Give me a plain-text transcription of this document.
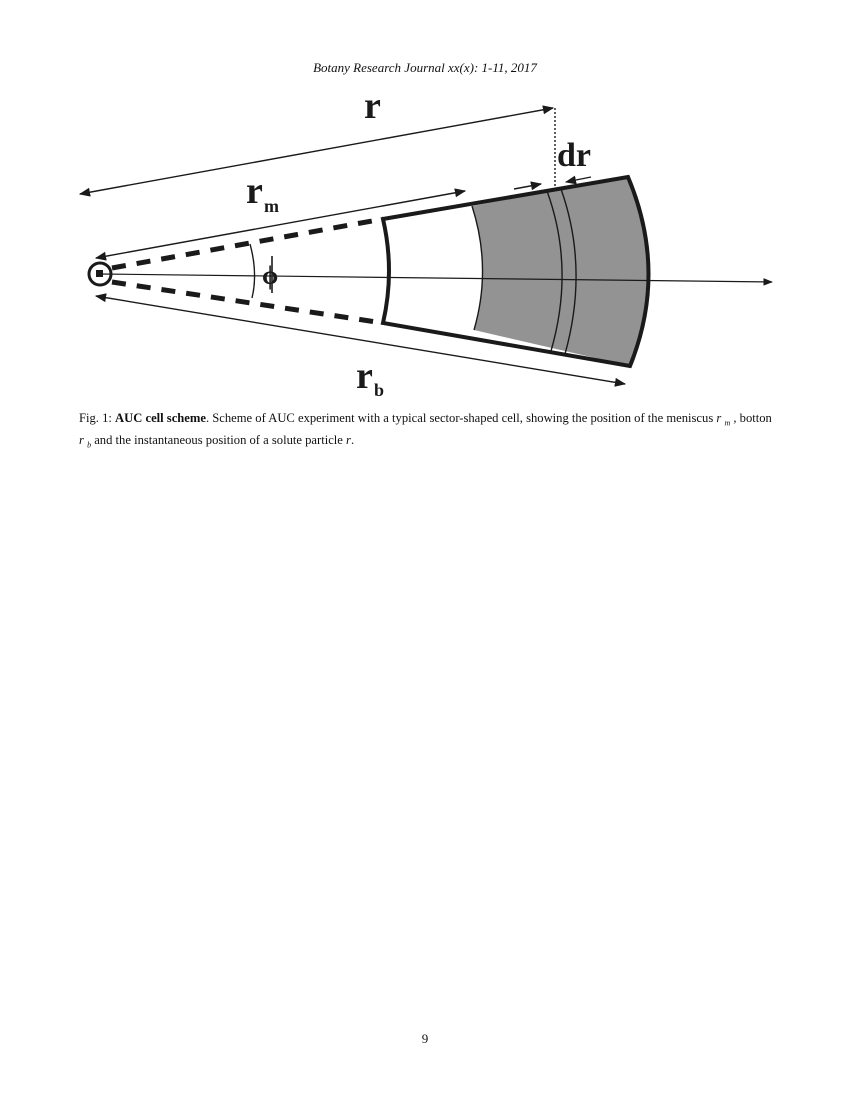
Botany Research Journal xx(x): 1-11, 2017
ϕ
r
r m
r b
dr
Fig. 1: AUC cell scheme. Scheme of AUC experiment with a typical sector-shaped cell, showing the position of the meniscus r $_m$ , botton r $_b$ and the instantaneous position of a solute particle r.
9
